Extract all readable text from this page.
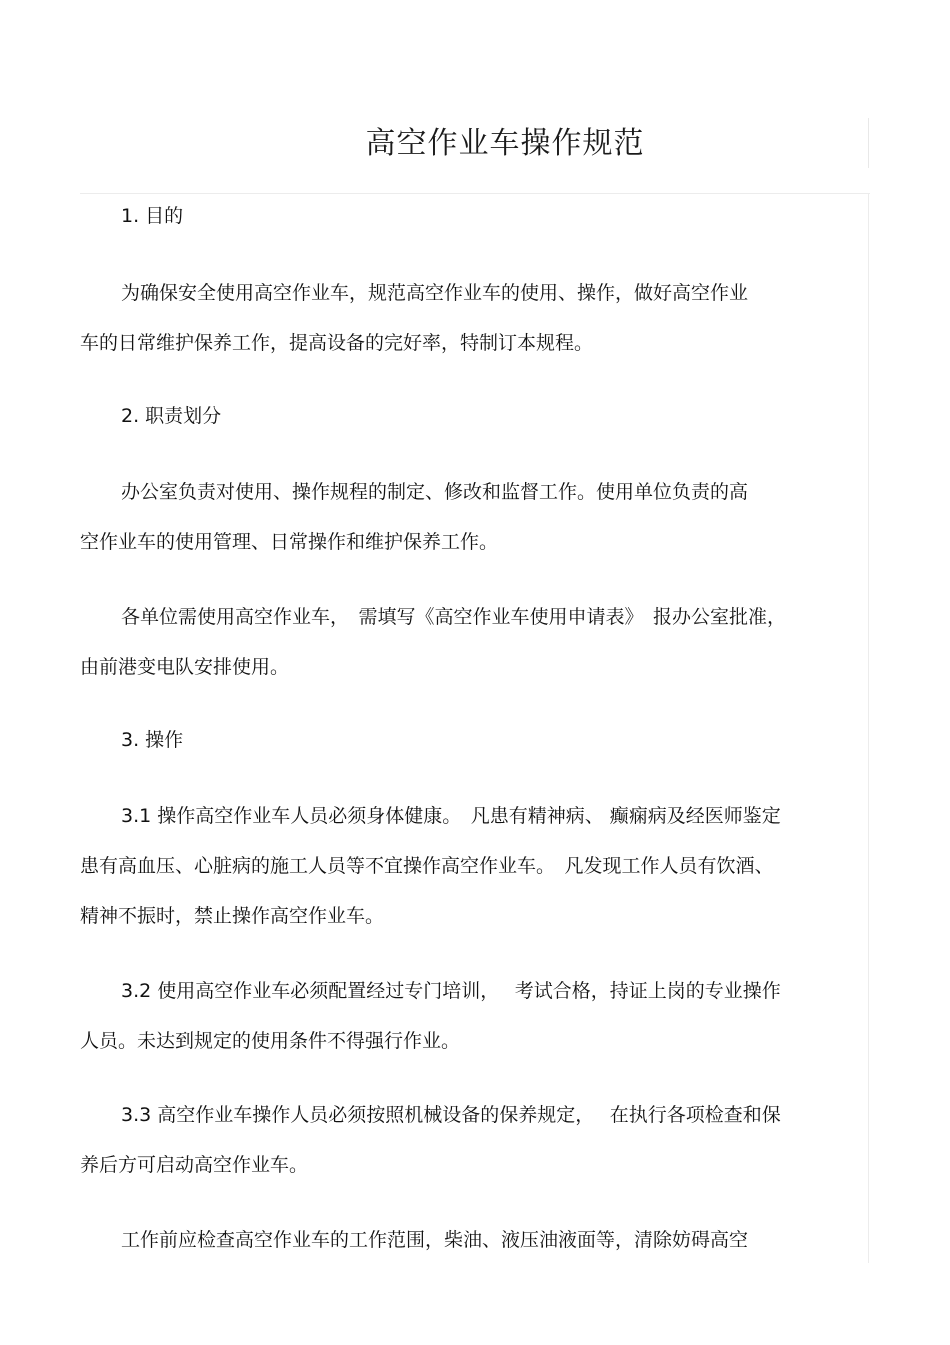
高空作业车操作规范
1. 目的
为确保安全使用高空作业车，规范高空作业车的使用、操作，做好高空作业
车的日常维护保养工作，提高设备的完好率，特制订本规程。
2. 职责划分
办公室负责对使用、操作规程的制定、修改和监督工作。使用单位负责的高
空作业车的使用管理、日常操作和维护保养工作。
各单位需使用高空作业车，　需填写《高空作业车使用申请表》　报办公室批准，
由前港变电队安排使用。
3. 操作
3.1 操作高空作业车人员必须身体健康。　凡患有精神病、 癫痫病及经医师鉴定
患有高血压、心脏病的施工人员等不宜操作高空作业车。　凡发现工作人员有饮酒、
精神不振时，禁止操作高空作业车。
3.2 使用高空作业车必须配置经过专门培训，　 考试合格，持证上岗的专业操作
人员。未达到规定的使用条件不得强行作业。
3.3 高空作业车操作人员必须按照机械设备的保养规定，　 在执行各项检查和保
养后方可启动高空作业车。
工作前应检查高空作业车的工作范围，柴油、液压油液面等，清除妨碍高空
